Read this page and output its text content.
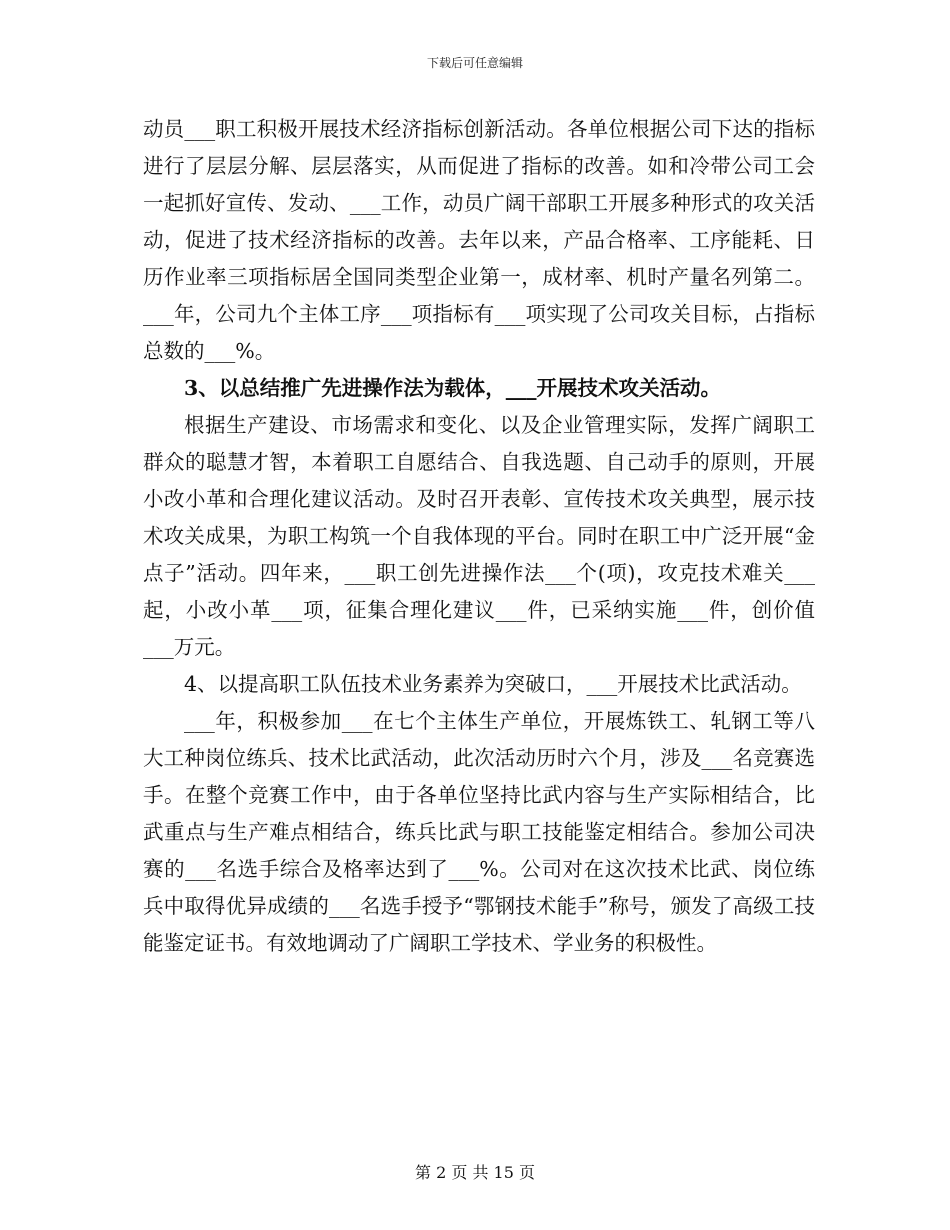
下载后可任意编辑

动员___职工积极开展技术经济指标创新活动。各单位根据公司下达的指标进行了层层分解、层层落实，从而促进了指标的改善。如和冷带公司工会一起抓好宣传、发动、___工作，动员广阔干部职工开展多种形式的攻关活动，促进了技术经济指标的改善。去年以来，产品合格率、工序能耗、日历作业率三项指标居全国同类型企业第一，成材率、机时产量名列第二。___年，公司九个主体工序___项指标有___项实现了公司攻关目标，占指标总数的___%。

3、以总结推广先进操作法为载体，___开展技术攻关活动。

根据生产建设、市场需求和变化、以及企业管理实际，发挥广阔职工群众的聪慧才智，本着职工自愿结合、自我选题、自己动手的原则，开展小改小革和合理化建议活动。及时召开表彰、宣传技术攻关典型，展示技术攻关成果，为职工构筑一个自我体现的平台。同时在职工中广泛开展“金点子”活动。四年来，___职工创先进操作法___个(项)，攻克技术难关___起，小改小革___项，征集合理化建议___件，已采纳实施___件，创价值___万元。

4、以提高职工队伍技术业务素养为突破口，___开展技术比武活动。

___年，积极参加___在七个主体生产单位，开展炼铁工、轧钢工等八大工种岗位练兵、技术比武活动，此次活动历时六个月，涉及___名竞赛选手。在整个竞赛工作中，由于各单位坚持比武内容与生产实际相结合，比武重点与生产难点相结合，练兵比武与职工技能鉴定相结合。参加公司决赛的___名选手综合及格率达到了___%。公司对在这次技术比武、岗位练兵中取得优异成绩的___名选手授予“鄂钢技术能手”称号，颁发了高级工技能鉴定证书。有效地调动了广阔职工学技术、学业务的积极性。

第 2 页 共 15 页
